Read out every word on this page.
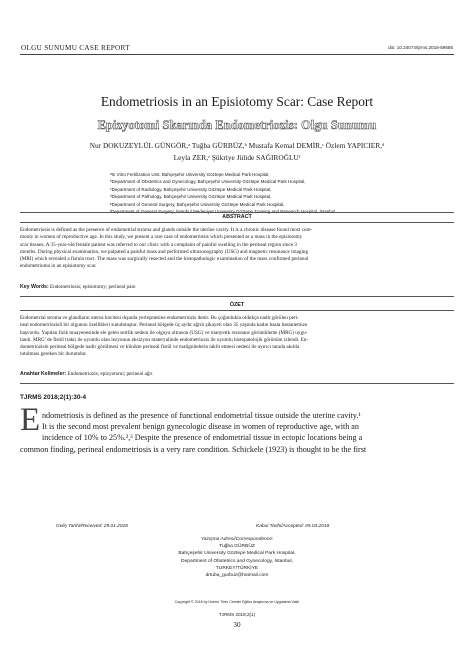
OLGU SUNUMU CASE REPORT	doi: 10.24074/tjrms.2018-59685
Endometriosis in an Episiotomy Scar: Case Report
Epizyotomi Skarında Endometriozis: Olgu Sunumu
Nur DOKUZEYLÜL GÜNGÖR,ᵃ Tuğba GÜRBÜZ,ᵇ Mustafa Kemal DEMİR,ᶜ Özlem YAPICIER,ᵈ
Leyla ZER,ᵉ Şükriye Jülide SAĞIROĞLUᶠ
ᵃIn Vitro Fertilization Unit, Bahçeşehir University Göztepe Medical Park Hospital,
ᵇDepartment of Obstetrics and Gynecology, Bahçeşehir University Göztepe Medical Park Hospital,
ᶜDepartment of Radiology, Bahçeşehir University Göztepe Medical Park Hospital,
ᵈDepartment of Pathology, Bahçeşehir University Göztepe Medical Park Hospital,
ᵉDepartment of General Surgery, Bahçeşehir University Göztepe Medical Park Hospital,
ᶠDepartment of General Surgery, İstanbul Medeniyet University Göztepe Training and Research Hospital, İstanbul
ABSTRACT
Endometriosis is defined as the presence of endometrial stroma and glands outside the uterine cavity. It is a chronic disease found most com-
monly in women of reproductive age. In this study, we present a rare case of endometriosis which presented as a mass in the episiotomy
scar tissues. A 35-year-old female patient was referred to our clinic with a complaint of painful swelling in the perineal region since 3
months. During physical examination, we palpated a painful mass and performed ultrasonography (USG) and magnetic resonance imaging
(MRI) which revealed a fistula tract. The mass was surgically resected and the histopathologic examination of the mass confirmed perineal
endometrioma in an episiotomy scar.
Key Words: Endometriosis; episiotomy; perineal pain
ÖZET
Endometrial stroma ve glandların uterus kavitesi dışında yerleşmesine endometriozis denir. Bu çoğunlukla oldukça nadir görülen peri-
neal endometriozisli bir olgunun özellikleri sunulmuştur. Perineal bölgede üç aydır ağrılı şikayeti olan 35 yaşında kadın hasta hastanemize
başvurdu. Yapılan fizik muayenesinde ele gelen sertlik nedeni ile olguya ultrason (USG) ve manyetik rezonans görüntüleme (MRG) uygu-
landı. MRG' de fistül traktı ile uyumlu olan lezyonun eksizyon materyalinde endometriozis ile uyumlu histopatolojik görünüm izlendi. En-
dometriozisin perineal bölgede nadir görülmesi ve klinikte perineal fistül ve malignitelerin taklit etmesi nedeni ile ayırıcı tanıda akılda
tutulması gereken bir durumdur.
Anahtar Kelimeler: Endometriozis; epizyotomi; perineal ağrı
TJRMS 2018;2(1):30-4
E ndometriosis is defined as the presence of functional endometrial tissue outside the uterine cavity.¹
It is the second most prevalent benign gynecologic disease in women of reproductive age, with an
incidence of 10% to 25%.²,³ Despite the presence of endometrial tissue in ectopic locations being a
common finding, perineal endometriosis is a very rare condition. Schickele (1923) is thought to be the first
Geliş Tarihi/Received: 29.01.2018	Kabul Tarihi/Accepted: 05.03.2018
Yazışma Adresi/Correspondence:
Tuğba GÜRBÜZ
Bahçeşehir University Göztepe Medical Park Hospital,
Department of Obstetrics and Gynecology, İstanbul,
TURKEY/TÜRKİYE
drtuba_gurbuz@hotmail.com
Copyright © 2018 by Üreme Tıbbı Cerrahi Eğitim Araştırma ve Uygulama Vakfı
TJRMS 2018;2(1)
30
